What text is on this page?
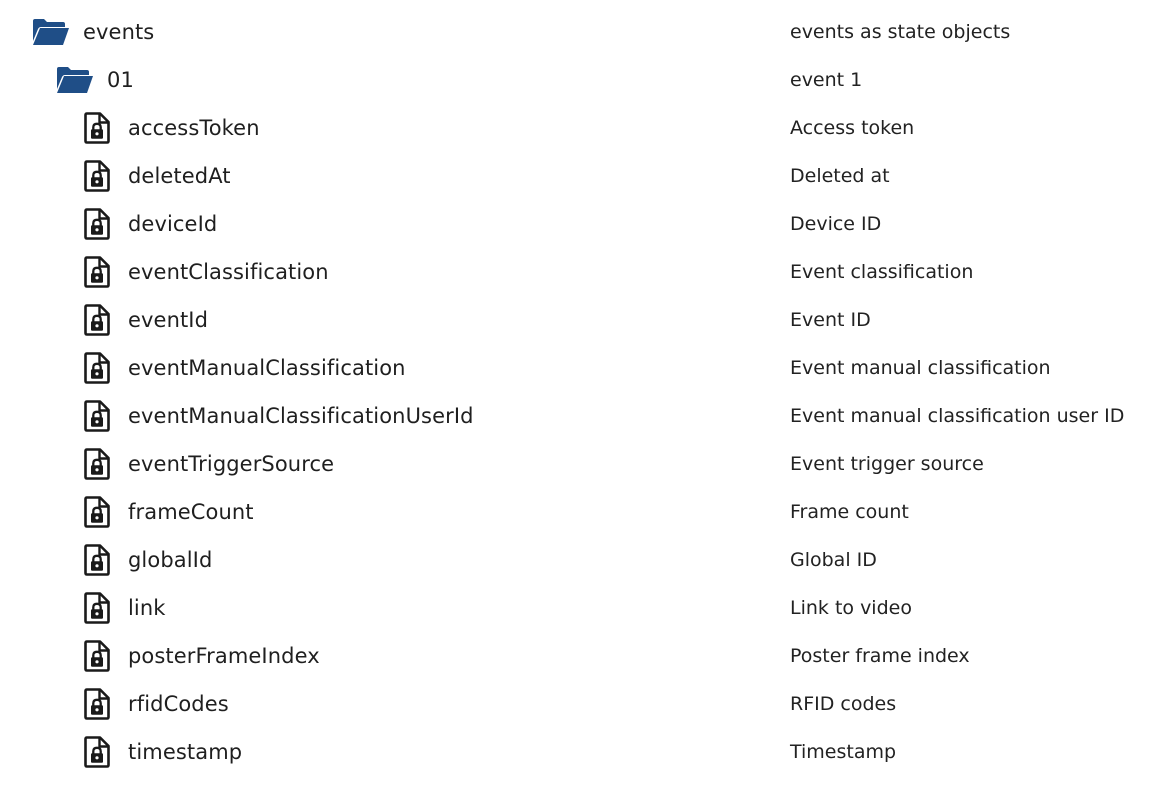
events	events as state objects
01	event 1
accessToken	Access token
deletedAt	Deleted at
deviceId	Device ID
eventClassification	Event classification
eventId	Event ID
eventManualClassification	Event manual classification
eventManualClassificationUserId	Event manual classification user ID
eventTriggerSource	Event trigger source
frameCount	Frame count
globalId	Global ID
link	Link to video
posterFrameIndex	Poster frame index
rfidCodes	RFID codes
timestamp	Timestamp
